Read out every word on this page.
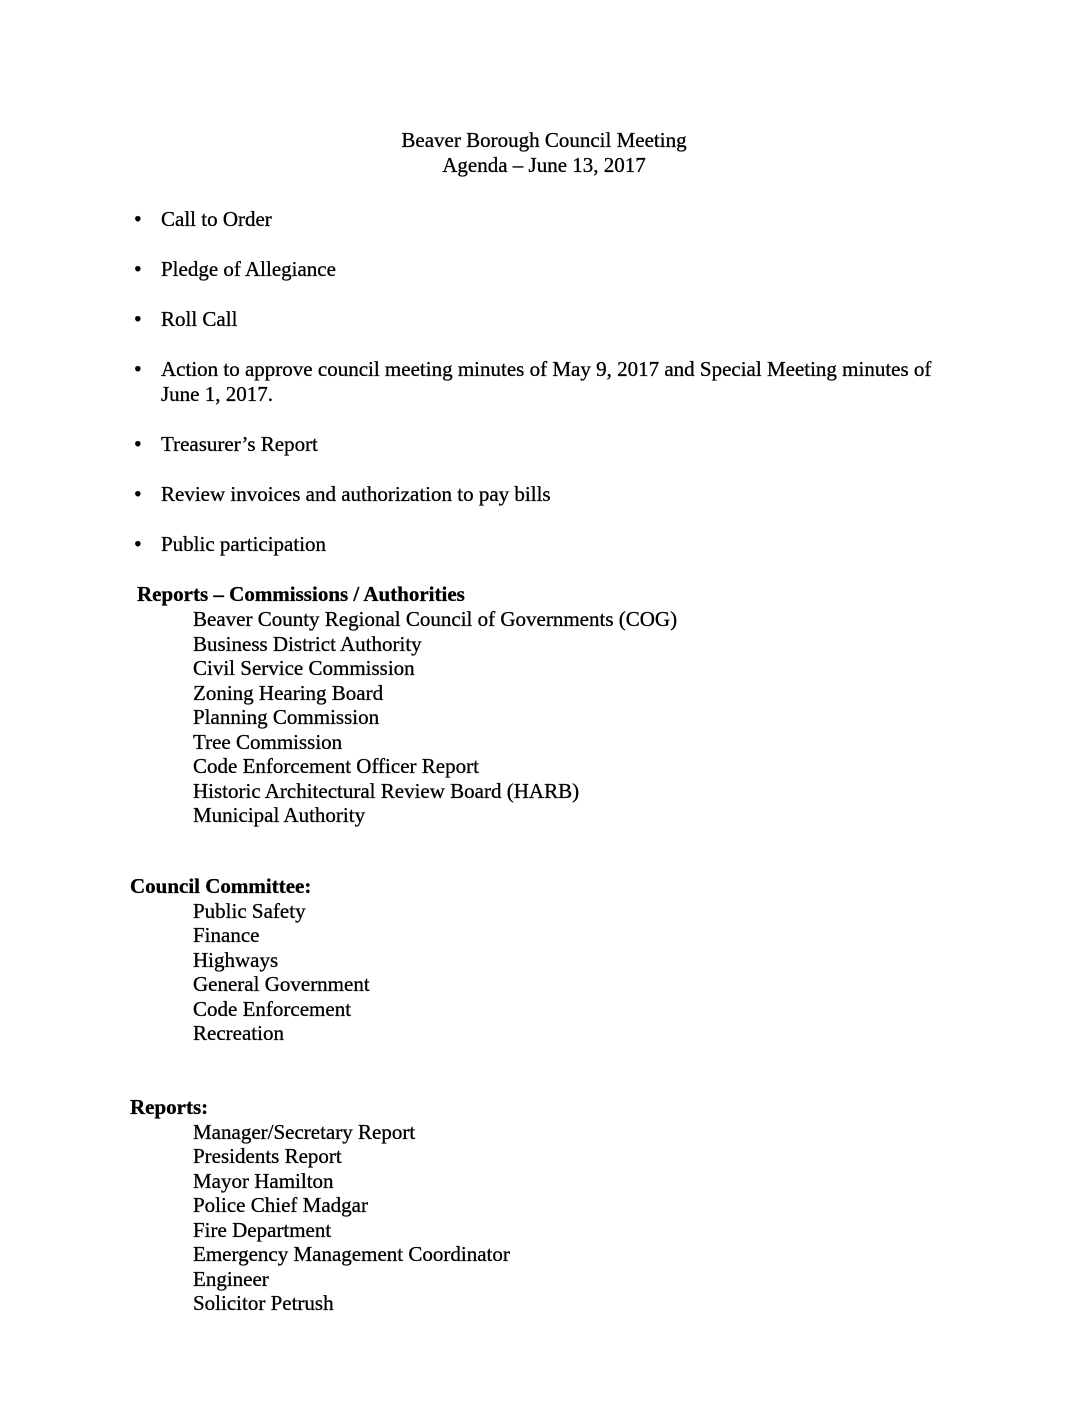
Beaver Borough Council Meeting
Agenda – June 13, 2017
• Call to Order
• Pledge of Allegiance
• Roll Call
• Action to approve council meeting minutes of May 9, 2017 and Special Meeting minutes of June 1, 2017.
• Treasurer’s Report
• Review invoices and authorization to pay bills
• Public participation
Reports – Commissions / Authorities
Beaver County Regional Council of Governments (COG)
Business District Authority
Civil Service Commission
Zoning Hearing Board
Planning Commission
Tree Commission
Code Enforcement Officer Report
Historic Architectural Review Board (HARB)
Municipal Authority
Council Committee:
Public Safety
Finance
Highways
General Government
Code Enforcement
Recreation
Reports:
Manager/Secretary Report
Presidents Report
Mayor Hamilton
Police Chief Madgar
Fire Department
Emergency Management Coordinator
Engineer
Solicitor Petrush
